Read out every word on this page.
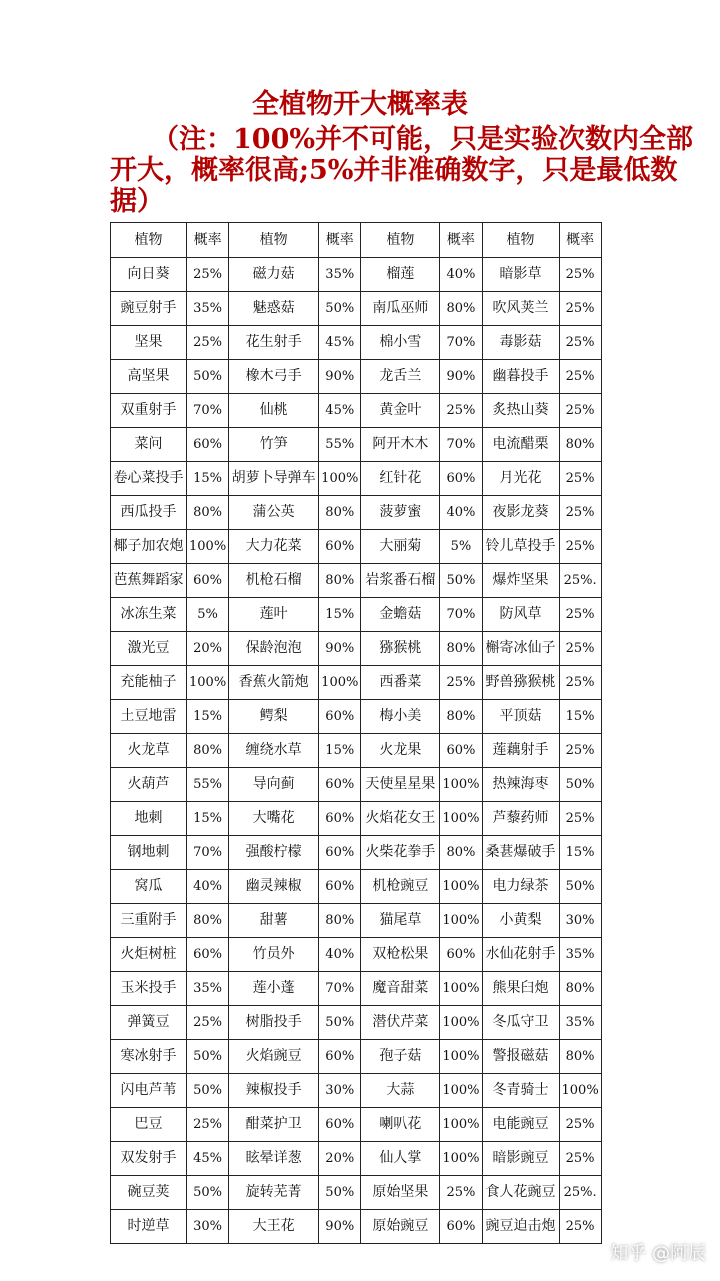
全植物开大概率表
（注：100%并不可能，只是实验次数内全部开大，概率很高;5%并非准确数字，只是最低数据）
植物	概率	植物	概率	植物	概率	植物	概率
向日葵	25%	磁力菇	35%	榴莲	40%	暗影草	25%
豌豆射手	35%	魅惑菇	50%	南瓜巫师	80%	吹风荚兰	25%
坚果	25%	花生射手	45%	棉小雪	70%	毒影菇	25%
高坚果	50%	橡木弓手	90%	龙舌兰	90%	幽暮投手	25%
双重射手	70%	仙桃	45%	黄金叶	25%	炙热山葵	25%
菜问	60%	竹笋	55%	阿开木木	70%	电流醋栗	80%
卷心菜投手	15%	胡萝卜导弹车	100%	红针花	60%	月光花	25%
西瓜投手	80%	蒲公英	80%	菠萝蜜	40%	夜影龙葵	25%
椰子加农炮	100%	大力花菜	60%	大丽菊	5%	铃儿草投手	25%
芭蕉舞蹈家	60%	机枪石榴	80%	岩浆番石榴	50%	爆炸坚果	25%.
冰冻生菜	5%	莲叶	15%	金蟾菇	70%	防风草	25%
激光豆	20%	保龄泡泡	90%	猕猴桃	80%	槲寄冰仙子	25%
充能柚子	100%	香蕉火箭炮	100%	西番菜	25%	野兽猕猴桃	25%
土豆地雷	15%	鳄梨	60%	梅小美	80%	平顶菇	15%
火龙草	80%	缠绕水草	15%	火龙果	60%	莲藕射手	25%
火葫芦	55%	导向蓟	60%	天使星星果	100%	热辣海枣	50%
地刺	15%	大嘴花	60%	火焰花女王	100%	芦藜药师	25%
钢地刺	70%	强酸柠檬	60%	火柴花拳手	80%	桑葚爆破手	15%
窝瓜	40%	幽灵辣椒	60%	机枪豌豆	100%	电力绿茶	50%
三重附手	80%	甜薯	80%	猫尾草	100%	小黄梨	30%
火炬树桩	60%	竹员外	40%	双枪松果	60%	水仙花射手	35%
玉米投手	35%	莲小蓬	70%	魔音甜菜	100%	熊果臼炮	80%
弹簧豆	25%	树脂投手	50%	潜伏芹菜	100%	冬瓜守卫	35%
寒冰射手	50%	火焰豌豆	60%	孢子菇	100%	警报磁菇	80%
闪电芦苇	50%	辣椒投手	30%	大蒜	100%	冬青骑士	100%
巴豆	25%	酣菜护卫	60%	喇叭花	100%	电能豌豆	25%
双发射手	45%	眩晕详葱	20%	仙人掌	100%	暗影豌豆	25%
碗豆荚	50%	旋转芜菁	50%	原始坚果	25%	食人花豌豆	25%.
时逆草	30%	大王花	90%	原始豌豆	60%	豌豆迫击炮	25%
知乎 @阿辰
